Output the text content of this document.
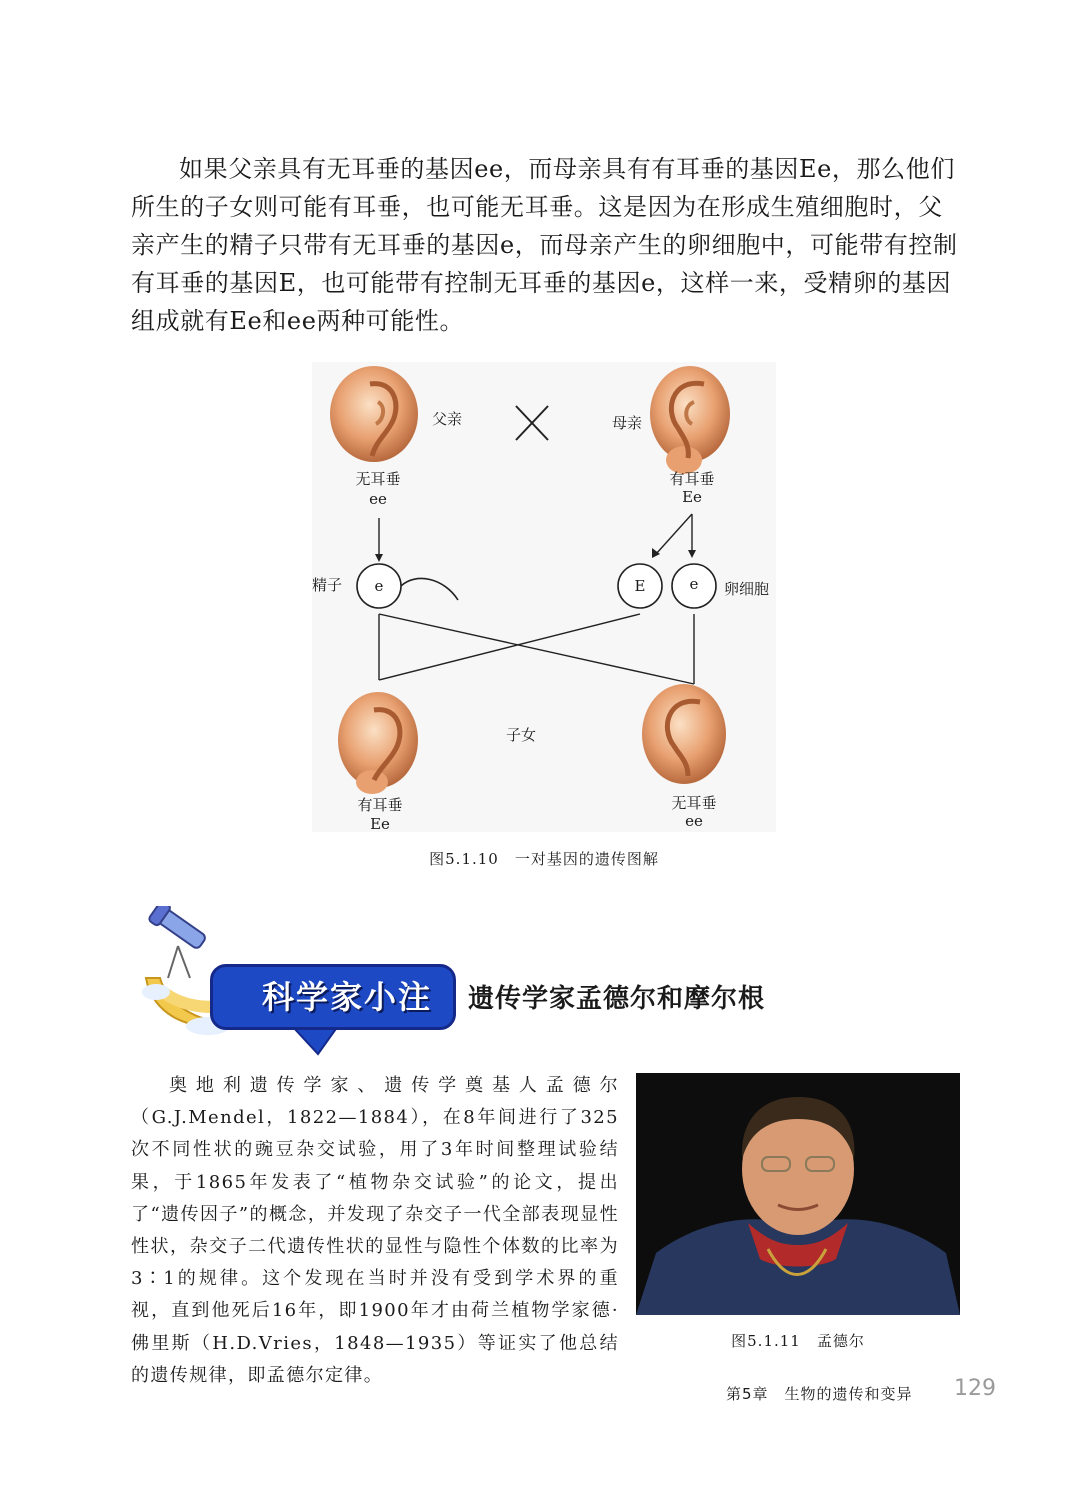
如果父亲具有无耳垂的基因ee，而母亲具有有耳垂的基因Ee，那么他们所生的子女则可能有耳垂，也可能无耳垂。这是因为在形成生殖细胞时，父亲产生的精子只带有无耳垂的基因e，而母亲产生的卵细胞中，可能带有控制有耳垂的基因E，也可能带有控制无耳垂的基因e，这样一来，受精卵的基因组成就有Ee和ee两种可能性。

父亲	母亲
无耳垂
ee
有耳垂
Ee
精子	e	E	e	卵细胞
子女
有耳垂
Ee
无耳垂
ee
图5.1.10　一对基因的遗传图解
科学家小注 遗传学家孟德尔和摩尔根

奥地利遗传学家、遗传学奠基人孟德尔（G.J.Mendel，1822—1884），在8年间进行了325次不同性状的豌豆杂交试验，用了3年时间整理试验结果，于1865年发表了“植物杂交试验”的论文，提出了“遗传因子”的概念，并发现了杂交子一代全部表现显性性状，杂交子二代遗传性状的显性与隐性个体数的比率为3∶1的规律。这个发现在当时并没有受到学术界的重视，直到他死后16年，即1900年才由荷兰植物学家德·佛里斯（H.D.Vries，1848—1935）等证实了他总结的遗传规律，即孟德尔定律。

图5.1.11　孟德尔
第5章　生物的遗传和变异 129
